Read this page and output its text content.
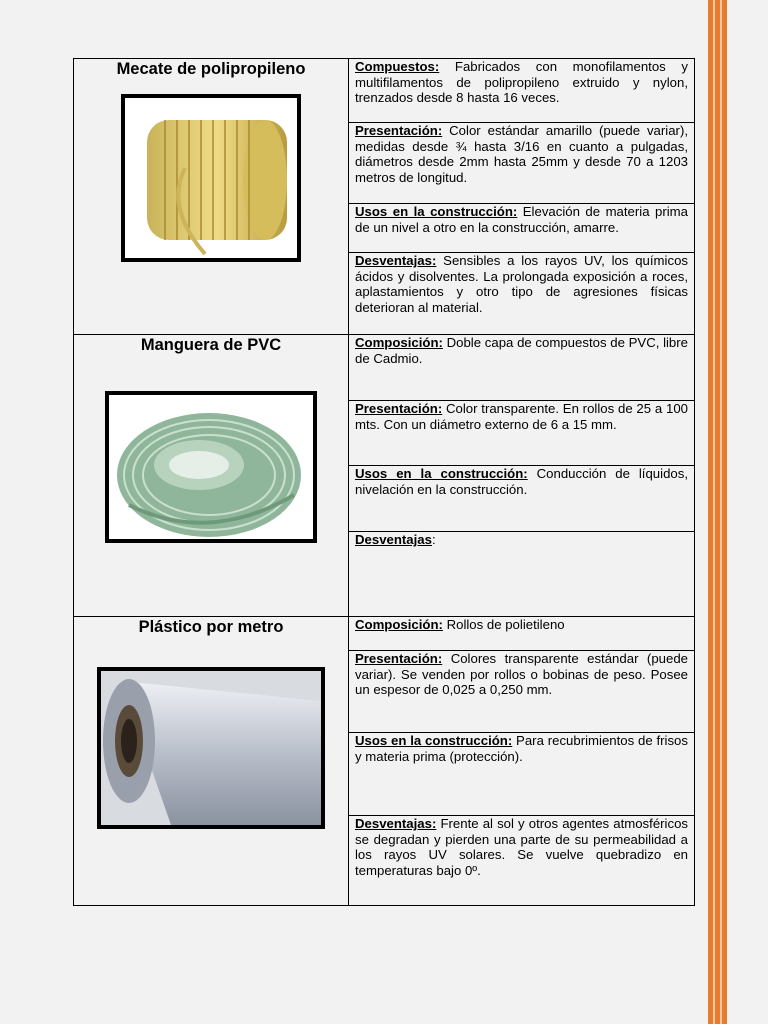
Mecate de polipropileno	Compuestos: Fabricados con monofilamentos y multifilamentos de polipropileno extruido y nylon, trenzados desde 8 hasta 16 veces.
Presentación: Color estándar amarillo (puede variar), medidas desde ¾ hasta 3/16 en cuanto a pulgadas, diámetros desde 2mm hasta 25mm y desde 70 a 1203 metros de longitud.
Usos en la construcción: Elevación de materia prima de un nivel a otro en la construcción, amarre.
Desventajas: Sensibles a los rayos UV, los químicos ácidos y disolventes. La prolongada exposición a roces, aplastamientos y otro tipo de agresiones físicas deterioran al material.

Manguera de PVC	Composición: Doble capa de compuestos de PVC, libre de Cadmio.
Presentación: Color transparente. En rollos de 25 a 100 mts. Con un diámetro externo de 6 a 15 mm.
Usos en la construcción: Conducción de líquidos, nivelación en la construcción.
Desventajas:

Plástico por metro	Composición: Rollos de polietileno
Presentación: Colores transparente estándar (puede variar). Se venden por rollos o bobinas de peso. Posee un espesor de 0,025 a 0,250 mm.
Usos en la construcción: Para recubrimientos de frisos y materia prima (protección).
Desventajas: Frente al sol y otros agentes atmosféricos se degradan y pierden una parte de su permeabilidad a los rayos UV solares. Se vuelve quebradizo en temperaturas bajo 0º.
